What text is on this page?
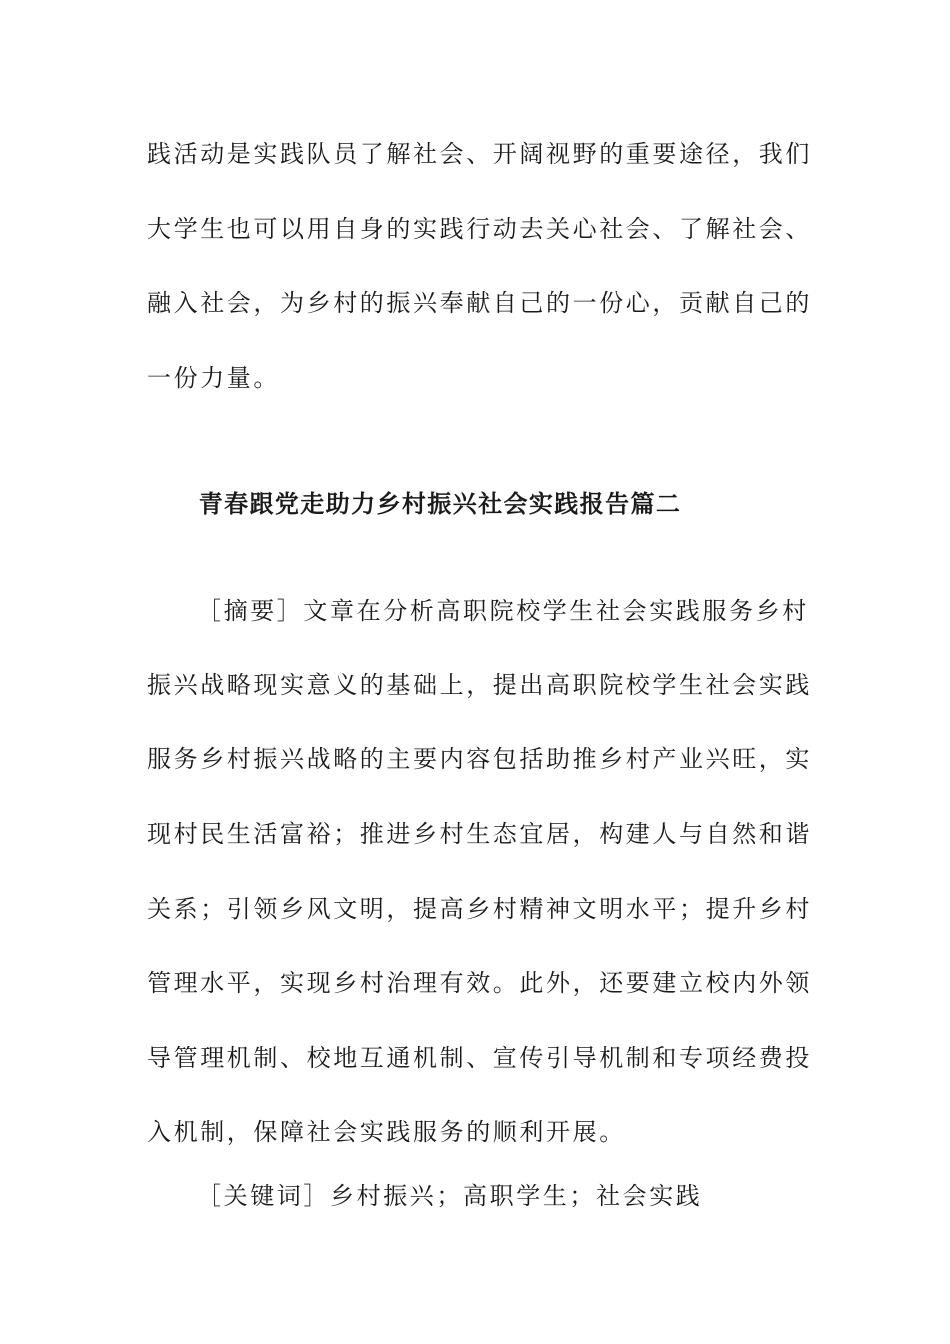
践活动是实践队员了解社会、开阔视野的重要途径，我们
大学生也可以用自身的实践行动去关心社会、了解社会、
融入社会，为乡村的振兴奉献自己的一份心，贡献自己的
一份力量。
青春跟党走助力乡村振兴社会实践报告篇二
［摘要］文章在分析高职院校学生社会实践服务乡村
振兴战略现实意义的基础上，提出高职院校学生社会实践
服务乡村振兴战略的主要内容包括助推乡村产业兴旺，实
现村民生活富裕；推进乡村生态宜居，构建人与自然和谐
关系；引领乡风文明，提高乡村精神文明水平；提升乡村
管理水平，实现乡村治理有效。此外，还要建立校内外领
导管理机制、校地互通机制、宣传引导机制和专项经费投
入机制，保障社会实践服务的顺利开展。
［关键词］乡村振兴；高职学生；社会实践
